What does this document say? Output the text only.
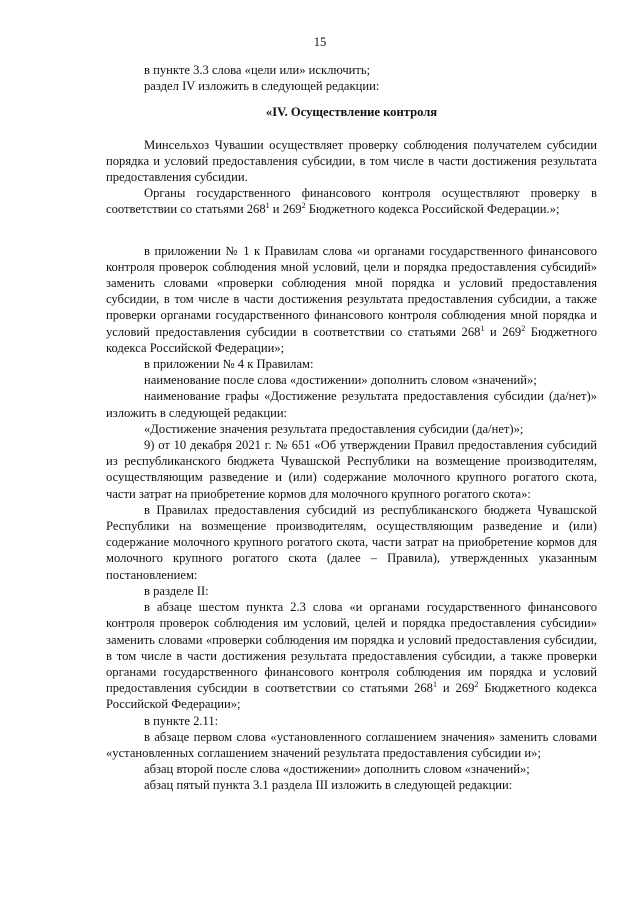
15

в пункте 3.3 слова «цели или» исключить;

раздел IV изложить в следующей редакции:

«IV. Осуществление контроля

Минсельхоз Чувашии осуществляет проверку соблюдения получателем субсидии порядка и условий предоставления субсидии, в том числе в части достижения результата предоставления субсидии.

Органы государственного финансового контроля осуществляют проверку в соответствии со статьями $268^1$ и $269^2$ Бюджетного кодекса Российской Федерации.»;

в приложении № 1 к Правилам слова «и органами государственного финансового контроля проверок соблюдения мной условий, цели и порядка предоставления субсидий» заменить словами «проверки соблюдения мной порядка и условий предоставления субсидии, в том числе в части достижения результата предоставления субсидии, а также проверки органами государственного финансового контроля соблюдения мной порядка и условий предоставления субсидии в соответствии со статьями $268^1$ и $269^2$ Бюджетного кодекса Российской Федерации»;

в приложении № 4 к Правилам:

наименование после слова «достижении» дополнить словом «значений»;

наименование графы «Достижение результата предоставления субсидии (да/нет)» изложить в следующей редакции:

«Достижение значения результата предоставления субсидии (да/нет)»;

9) от 10 декабря 2021 г. № 651 «Об утверждении Правил предоставления субсидий из республиканского бюджета Чувашской Республики на возмещение производителям, осуществляющим разведение и (или) содержание молочного крупного рогатого скота, части затрат на приобретение кормов для молочного крупного рогатого скота»:

в Правилах предоставления субсидий из республиканского бюджета Чувашской Республики на возмещение производителям, осуществляющим разведение и (или) содержание молочного крупного рогатого скота, части затрат на приобретение кормов для молочного крупного рогатого скота (далее – Правила), утвержденных указанным постановлением:

в разделе II:

в абзаце шестом пункта 2.3 слова «и органами государственного финансового контроля проверок соблюдения им условий, целей и порядка предоставления субсидии» заменить словами «проверки соблюдения им порядка и условий предоставления субсидии, в том числе в части достижения результата предоставления субсидии, а также проверки органами государственного финансового контроля соблюдения им порядка и условий предоставления субсидии в соответствии со статьями $268^1$ и $269^2$ Бюджетного кодекса Российской Федерации»;

в пункте 2.11:

в абзаце первом слова «установленного соглашением значения» заменить словами «установленных соглашением значений результата предоставления субсидии и»;

абзац второй после слова «достижении» дополнить словом «значений»;

абзац пятый пункта 3.1 раздела III изложить в следующей редакции:
